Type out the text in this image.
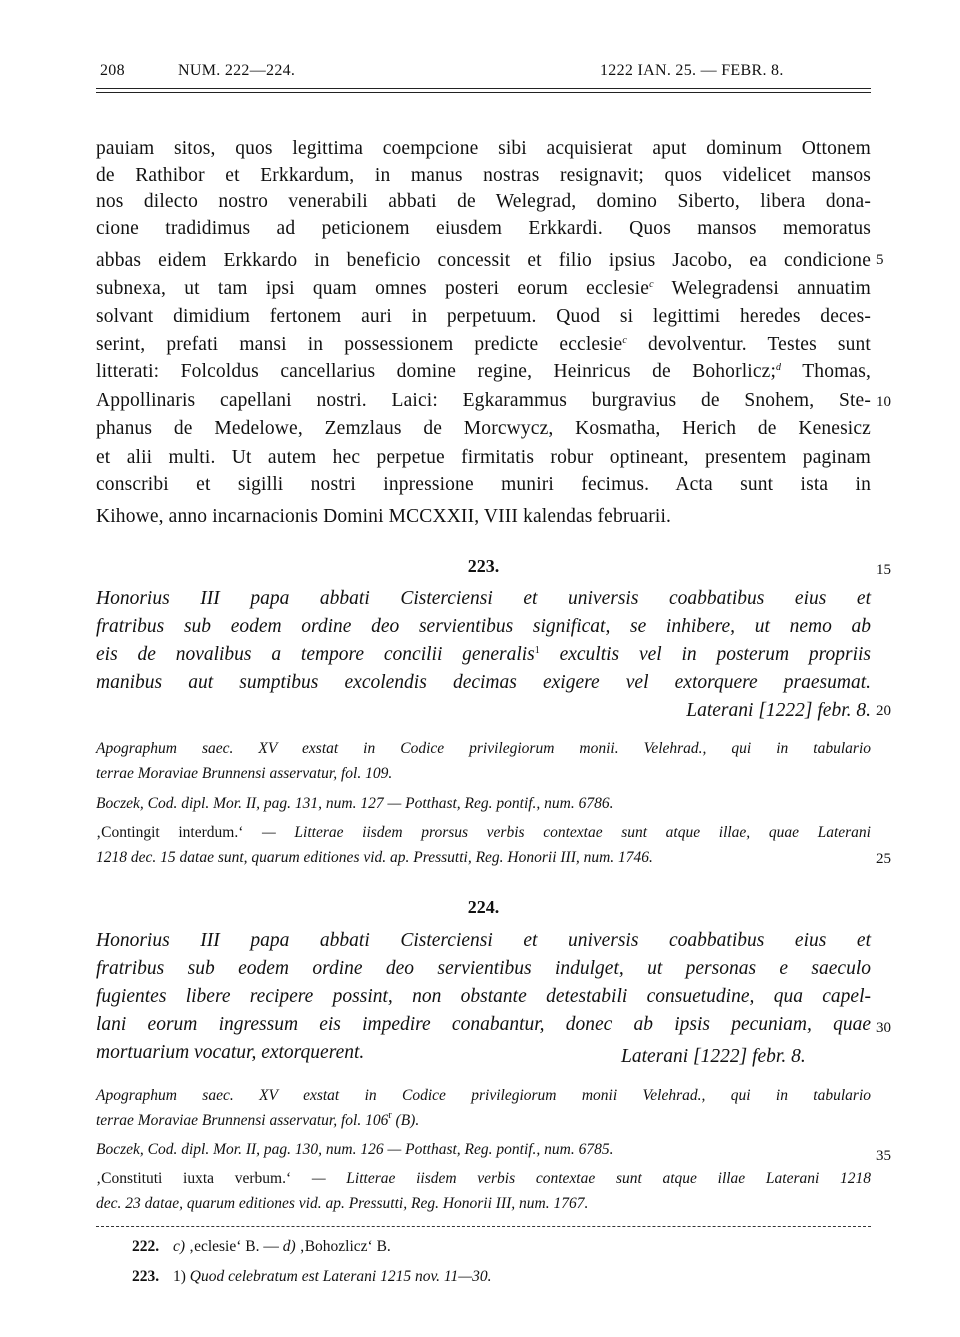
208	NUM. 222—224.	1222 IAN. 25. — FEBR. 8.
pauiam sitos, quos legittima coempcione sibi acquisierat aput dominum Ottonem
de Rathibor et Erkkardum, in manus nostras resignavit; quos videlicet mansos
nos dilecto nostro venerabili abbati de Welegrad, domino Siberto, libera dona-
cione tradidimus ad peticionem eiusdem Erkkardi. Quos mansos memoratus
abbas eidem Erkkardo in beneficio concessit et filio ipsius Jacobo, ea condicione
subnexa, ut tam ipsi quam omnes posteri eorum ecclesie$^c$ Welegradensi annuatim
solvant dimidium fertonem auri in perpetuum. Quod si legittimi heredes deces-
serint, prefati mansi in possessionem predicte ecclesie$^c$ devolventur. Testes sunt
litterati: Folcoldus cancellarius domine regine, Heinricus de Bohorlicz;$^d$ Thomas,
Appollinaris capellani nostri. Laici: Egkarammus burgravius de Snohem, Ste-
phanus de Medelowe, Zemzlaus de Morcwycz, Kosmatha, Herich de Kenesicz
et alii multi. Ut autem hec perpetue firmitatis robur optineant, presentem paginam
conscribi et sigilli nostri inpressione muniri fecimus. Acta sunt ista in
Kihowe, anno incarnacionis Domini MCCXXII, VIII kalendas februarii.
223.
Honorius III papa abbati Cisterciensi et universis coabbatibus eius et
fratribus sub eodem ordine deo servientibus significat, se inhibere, ut nemo ab
eis de novalibus a tempore concilii generalis$^1$ excultis vel in posterum propriis
manibus aut sumptibus excolendis decimas exigere vel extorquere praesumat.
Laterani [1222] febr. 8.
Apographum saec. XV exstat in Codice privilegiorum monii. Velehrad., qui in tabulario
terrae Moraviae Brunnensi asservatur, fol. 109.
Boczek, Cod. dipl. Mor. II, pag. 131, num. 127 — Potthast, Reg. pontif., num. 6786.
‚Contingit interdum.‘ — Litterae iisdem prorsus verbis contextae sunt atque illae, quae Laterani
1218 dec. 15 datae sunt, quarum editiones vid. ap. Pressutti, Reg. Honorii III, num. 1746.
224.
Honorius III papa abbati Cisterciensi et universis coabbatibus eius et
fratribus sub eodem ordine deo servientibus indulget, ut personas e saeculo
fugientes libere recipere possint, non obstante detestabili consuetudine, qua capel-
lani eorum ingressum eis impedire conabantur, donec ab ipsis pecuniam, quae
mortuarium vocatur, extorquerent.	Laterani [1222] febr. 8.
Apographum saec. XV exstat in Codice privilegiorum monii Velehrad., qui in tabulario
terrae Moraviae Brunnensi asservatur, fol. 106$^r$ (B).
Boczek, Cod. dipl. Mor. II, pag. 130, num. 126 — Potthast, Reg. pontif., num. 6785.
‚Constituti iuxta verbum.‘ — Litterae iisdem verbis contextae sunt atque illae Laterani 1218
dec. 23 datae, quarum editiones vid. ap. Pressutti, Reg. Honorii III, num. 1767.
5
10
15
20
25
30
35
222. c) ‚eclesie‘ B. — d) ‚Bohozlicz‘ B.
223. 1) Quod celebratum est Laterani 1215 nov. 11—30.
